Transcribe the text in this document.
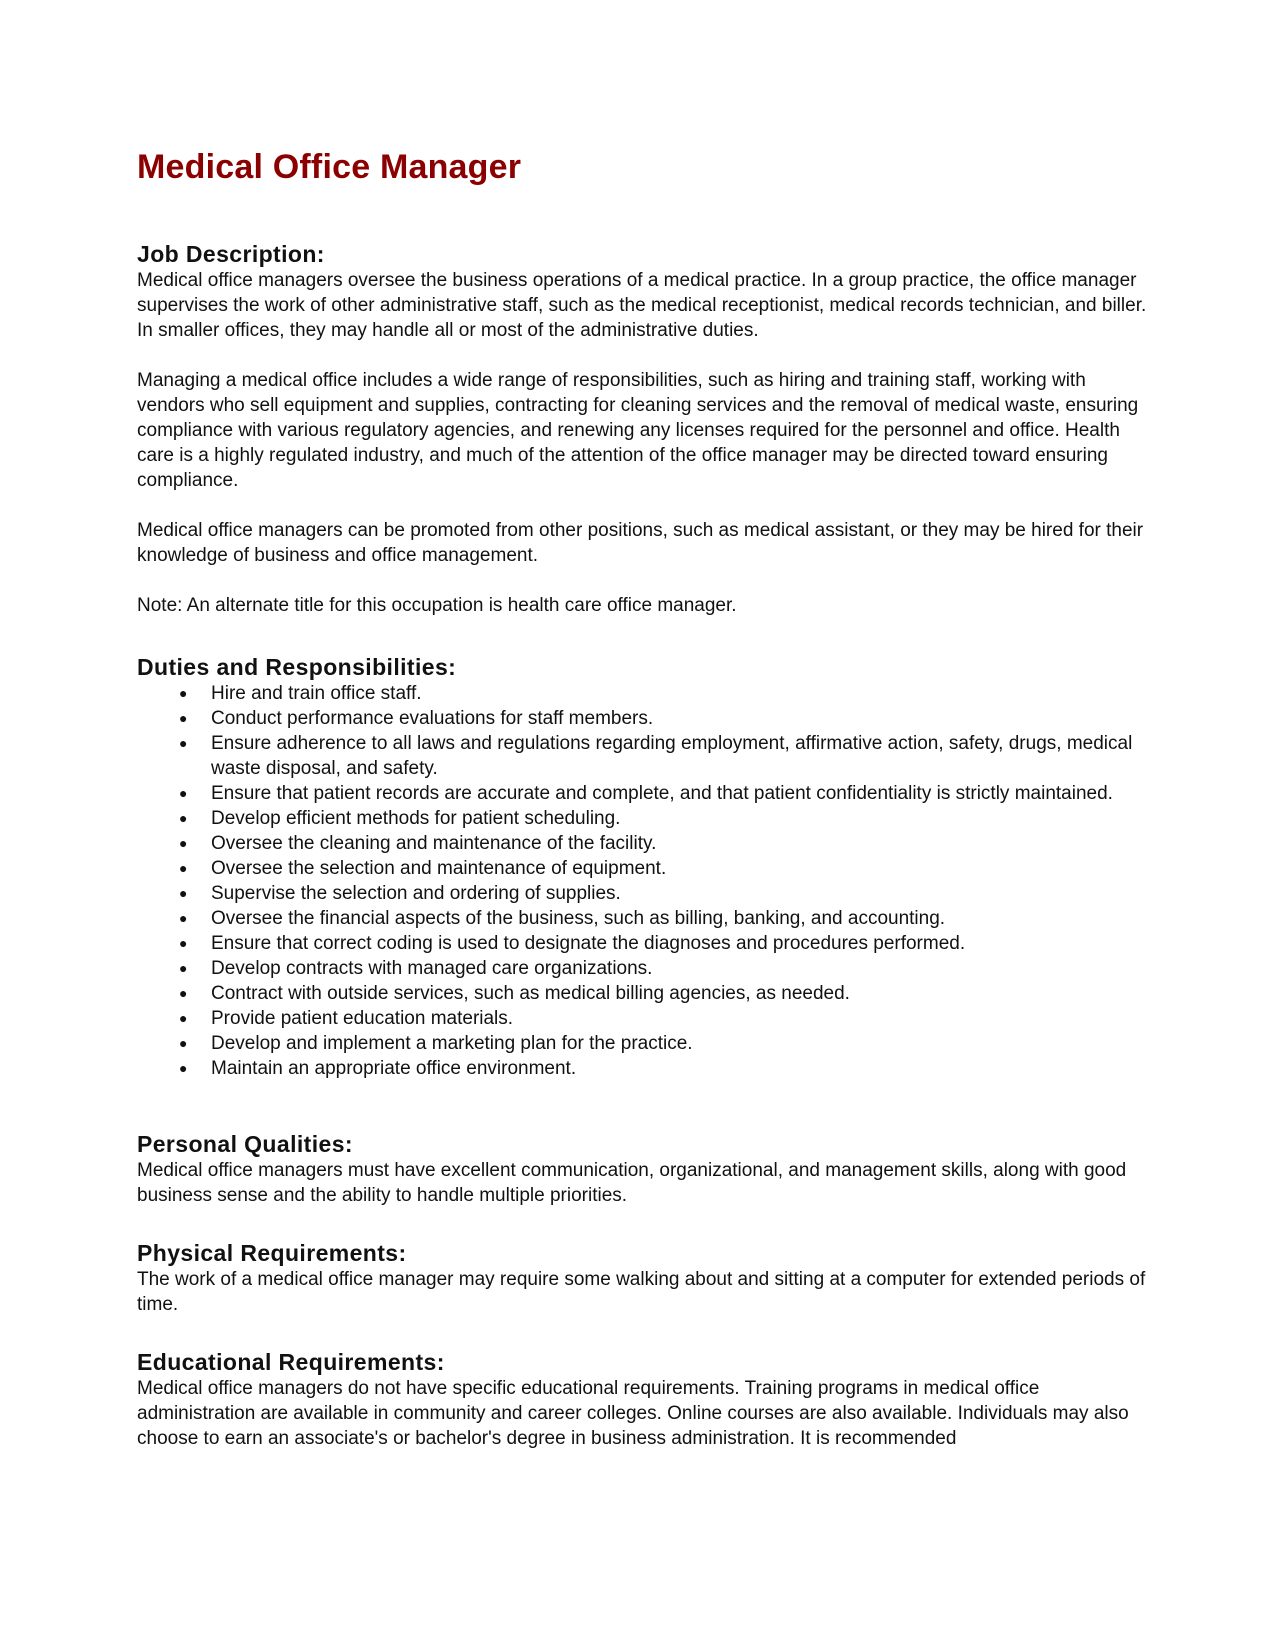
Medical Office Manager
Job Description:

Medical office managers oversee the business operations of a medical practice. In a group practice, the office manager supervises the work of other administrative staff, such as the medical receptionist, medical records technician, and biller. In smaller offices, they may handle all or most of the administrative duties.

Managing a medical office includes a wide range of responsibilities, such as hiring and training staff, working with vendors who sell equipment and supplies, contracting for cleaning services and the removal of medical waste, ensuring compliance with various regulatory agencies, and renewing any licenses required for the personnel and office. Health care is a highly regulated industry, and much of the attention of the office manager may be directed toward ensuring compliance.

Medical office managers can be promoted from other positions, such as medical assistant, or they may be hired for their knowledge of business and office management.

Note: An alternate title for this occupation is health care office manager.

Duties and Responsibilities:
● Hire and train office staff.
● Conduct performance evaluations for staff members.
● Ensure adherence to all laws and regulations regarding employment, affirmative action, safety, drugs, medical waste disposal, and safety.
● Ensure that patient records are accurate and complete, and that patient confidentiality is strictly maintained.
● Develop efficient methods for patient scheduling.
● Oversee the cleaning and maintenance of the facility.
● Oversee the selection and maintenance of equipment.
● Supervise the selection and ordering of supplies.
● Oversee the financial aspects of the business, such as billing, banking, and accounting.
● Ensure that correct coding is used to designate the diagnoses and procedures performed.
● Develop contracts with managed care organizations.
● Contract with outside services, such as medical billing agencies, as needed.
● Provide patient education materials.
● Develop and implement a marketing plan for the practice.
● Maintain an appropriate office environment.
Personal Qualities:

Medical office managers must have excellent communication, organizational, and management skills, along with good business sense and the ability to handle multiple priorities.

Physical Requirements:

The work of a medical office manager may require some walking about and sitting at a computer for extended periods of time.

Educational Requirements:

Medical office managers do not have specific educational requirements. Training programs in medical office administration are available in community and career colleges. Online courses are also available. Individuals may also choose to earn an associate's or bachelor's degree in business administration. It is recommended
